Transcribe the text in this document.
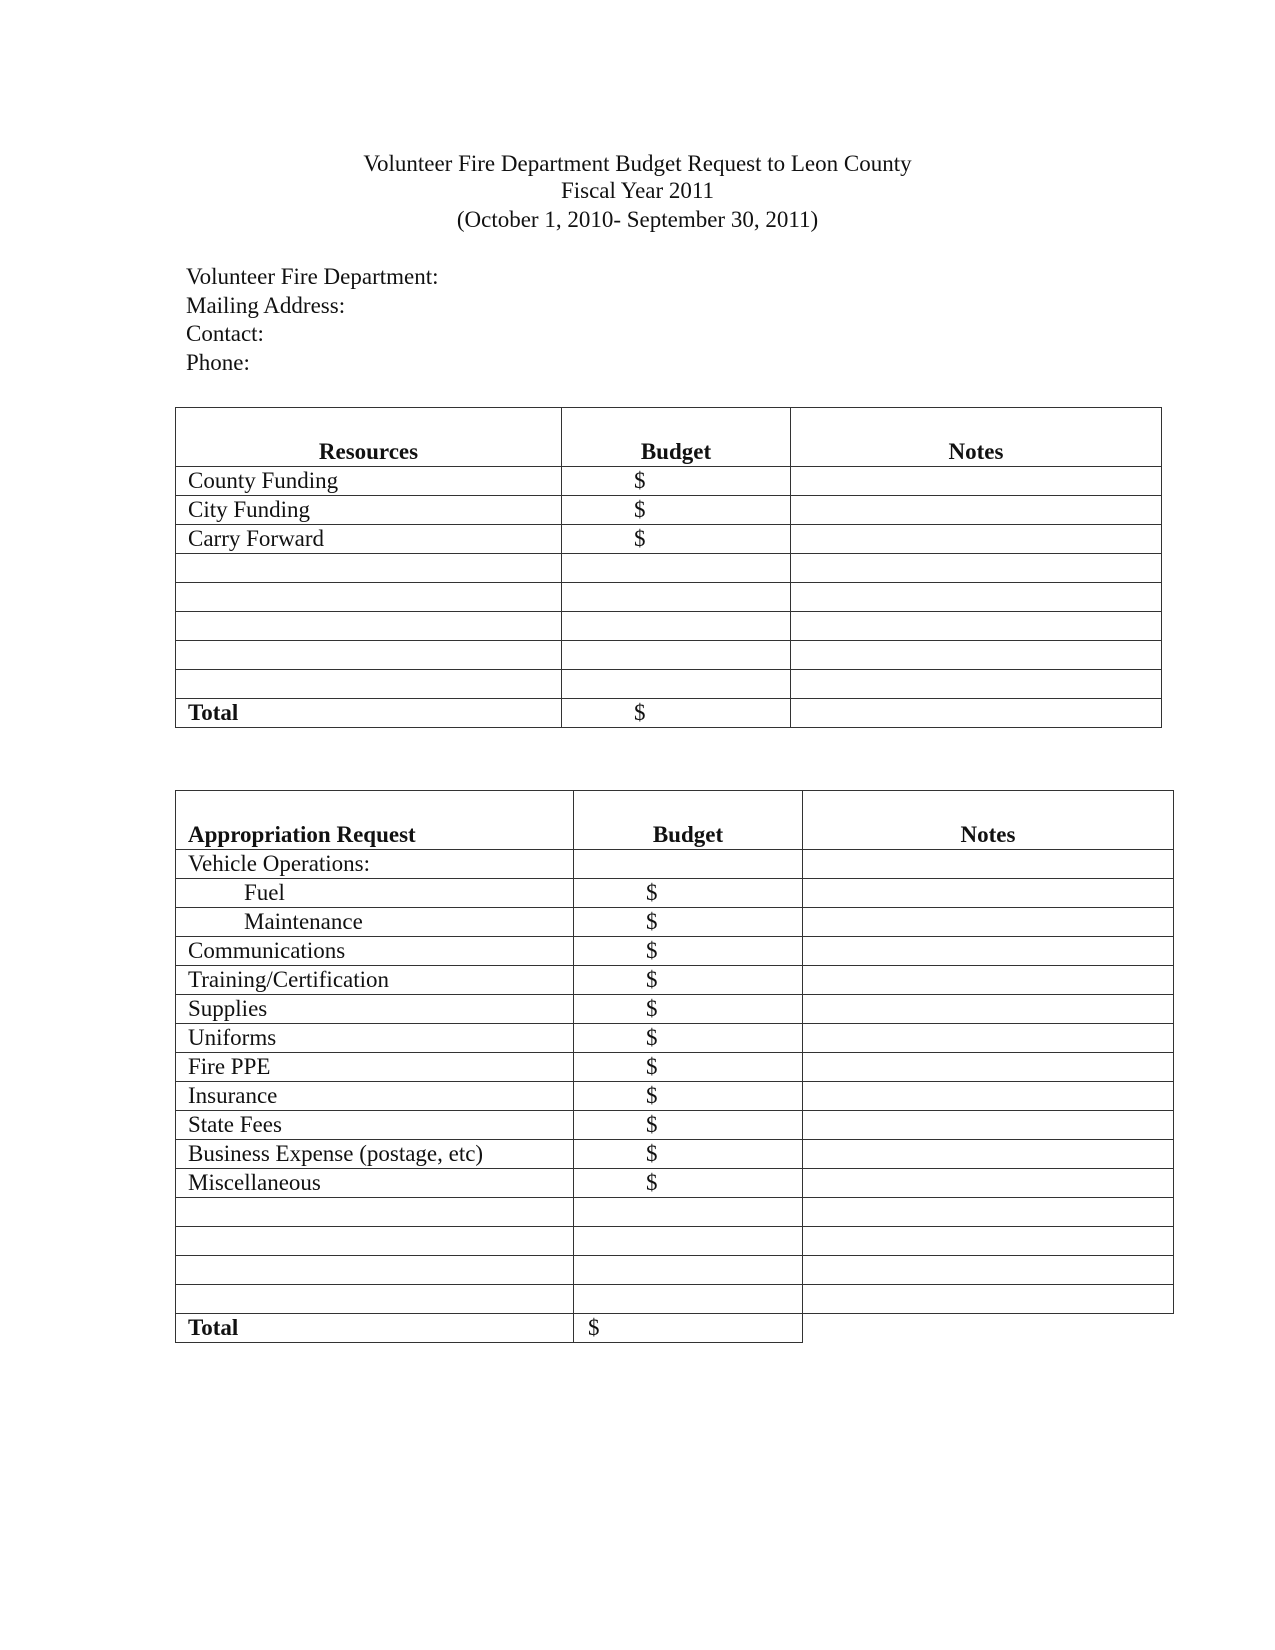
Volunteer Fire Department Budget Request to Leon County
Fiscal Year 2011
(October 1, 2010- September 30, 2011)
Volunteer Fire Department:
Mailing Address:
Contact:
Phone:
Resources	Budget	Notes
County Funding	$	
City Funding	$	
Carry Forward	$	

Total	$	
Appropriation Request	Budget	Notes
Vehicle Operations:		
Fuel	$	
Maintenance	$	
Communications	$	
Training/Certification	$	
Supplies	$	
Uniforms	$	
Fire PPE	$	
Insurance	$	
State Fees	$	
Business Expense (postage, etc)	$	
Miscellaneous	$	

Total	$	
